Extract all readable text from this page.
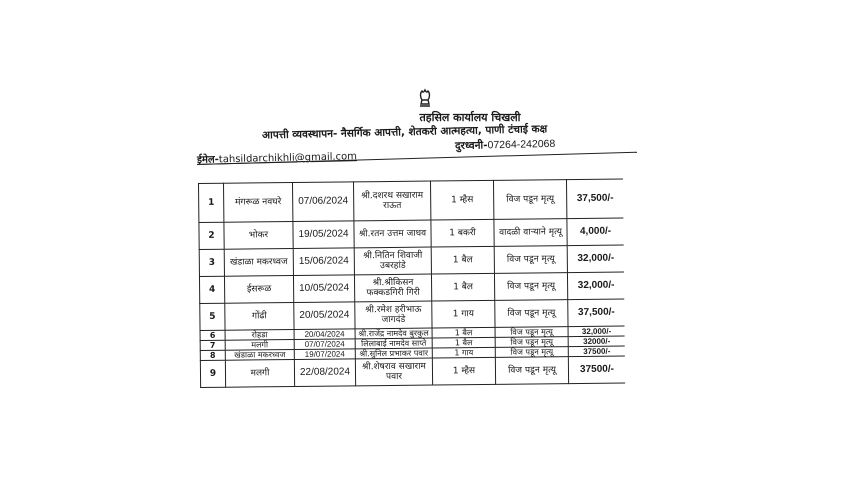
तहसिल कार्यालय चिखली
आपत्ती व्यवस्थापन- नैसर्गिक आपत्ती, शेतकरी आत्महत्या, पाणी टंचाई कक्ष
दुरध्वनी-07264-242068
ईमेल-tahsildarchikhli@gmail.com
1	मंगरूळ नवघरे	07/06/2024	श्री.दशरथ सखाराम राऊत	1 म्हैस	विज पडून मृत्यू	37,500/-
2	भोकर	19/05/2024	श्री.रतन उत्तम जाधव	1 बकरी	वादळी वाऱ्याने मृत्यू	4,000/-
3	खंडाळा मकरध्वज	15/06/2024	श्री.नितिन शिवाजी उबरहांडे	1 बैल	विज पडून मृत्यू	32,000/-
4	ईसरूळ	10/05/2024	श्री.श्रीकिसन फक्कडगिरी गिरी	1 बैल	विज पडून मृत्यू	32,000/-
5	गोंढी	20/05/2024	श्री.रमेश हरीभाऊ जागदंडे	1 गाय	विज पडून मृत्यू	37,500/-
6	रोहडा	20/04/2024	श्री.राजेंद्र नामदेव बुरकुल	1 बैल	विज पडून मृत्यू	32,000/-
7	मलगी	07/07/2024	लिलाबाई नामदेव साप्ते	1 बैल	विज पडून मृत्यू	32000/-
8	खंडाळा मकरध्वज	19/07/2024	श्री.सुनिल प्रभाकर पवार	1 गाय	विज पडून मृत्यू	37500/-
9	मलगी	22/08/2024	श्री.शेषराव सखाराम पवार	1 म्हैस	विज पडून मृत्यू	37500/-
